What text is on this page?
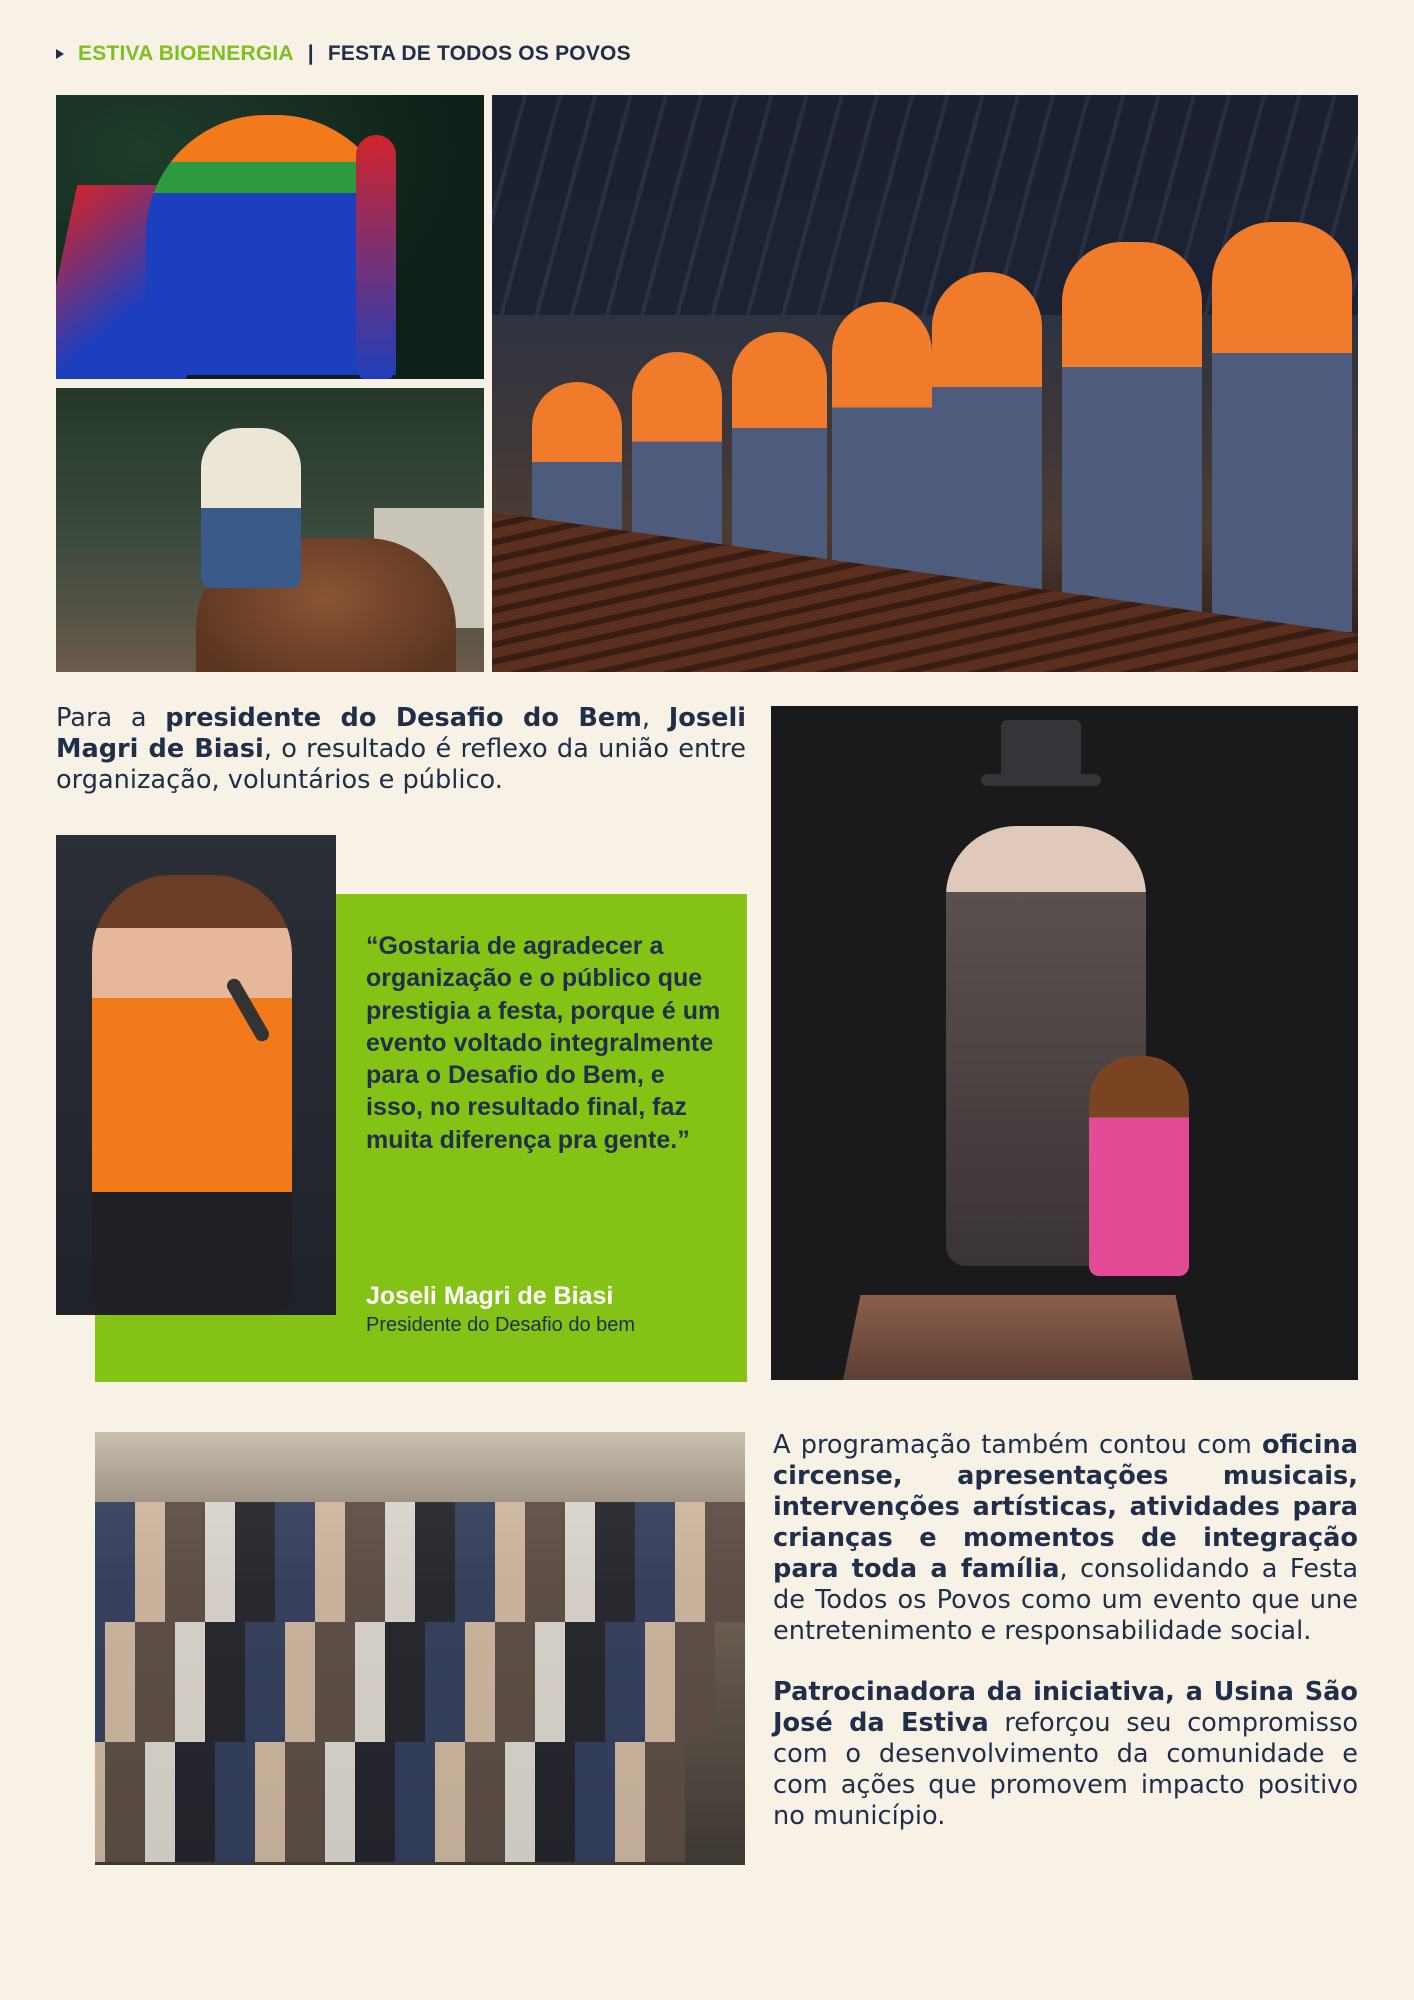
ESTIVA BIOENERGIA | FESTA DE TODOS OS POVOS
Para a presidente do Desafio do Bem, Joseli Magri de Biasi, o resultado é reflexo da união entre organização, voluntários e público.
“Gostaria de agradecer a organização e o público que prestigia a festa, porque é um evento voltado integralmente para o Desafio do Bem, e isso, no resultado final, faz muita diferença pra gente.”
Joseli Magri de Biasi
Presidente do Desafio do bem
A programação também contou com oficina circense, apresentações musicais, intervenções artísticas, atividades para crianças e momentos de integração para toda a família, consolidando a Festa de Todos os Povos como um evento que une entretenimento e responsabilidade social.
Patrocinadora da iniciativa, a Usina São José da Estiva reforçou seu compromisso com o desenvolvimento da comunidade e com ações que promovem impacto positivo no município.
